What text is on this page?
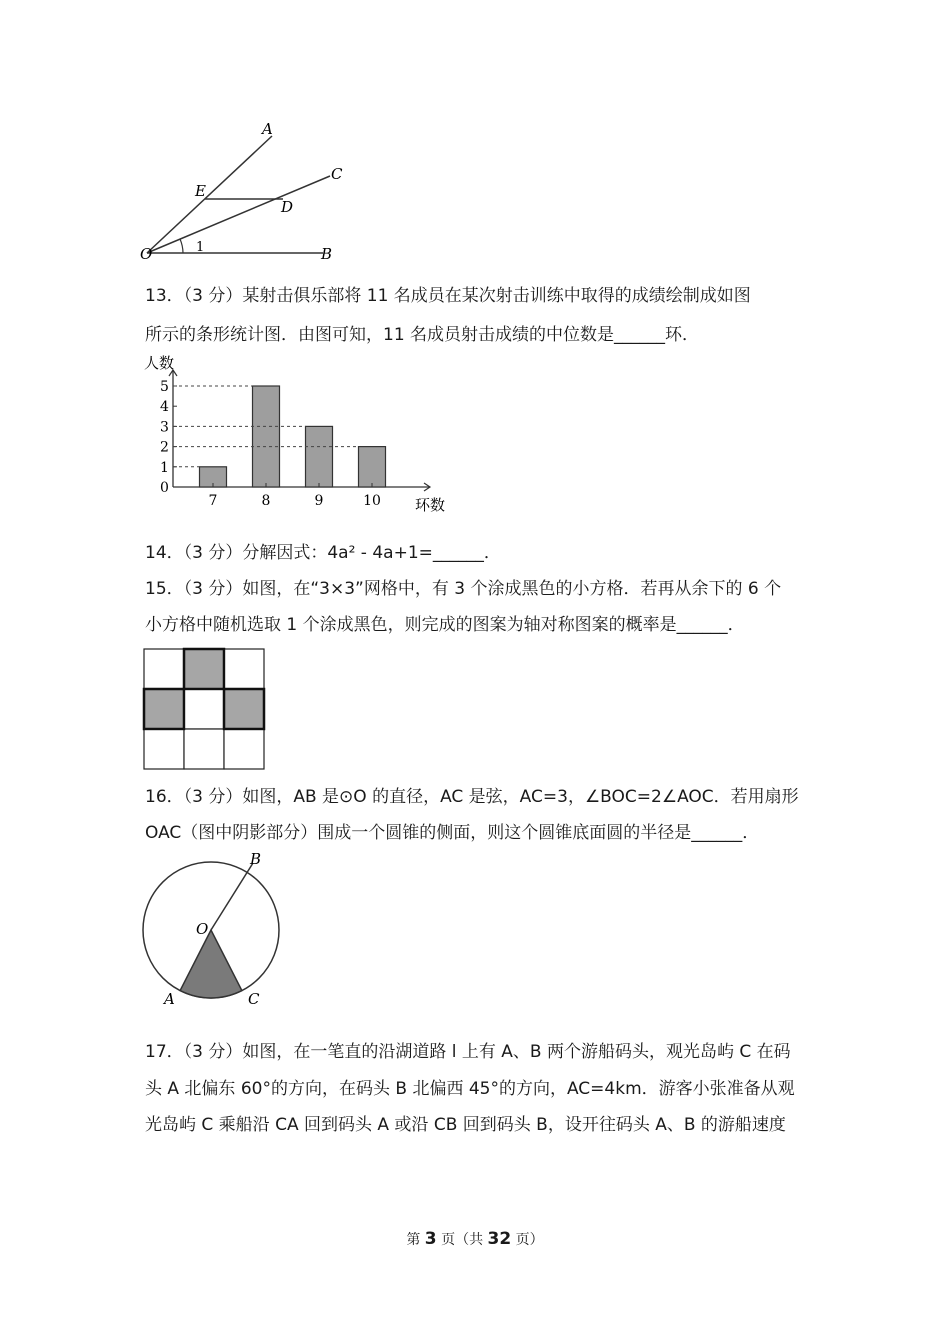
A
C
E
D
O	B
1
13．（3 分）某射击俱乐部将 11 名成员在某次射击训练中取得的成绩绘制成如图
所示的条形统计图．由图可知，11 名成员射击成绩的中位数是______环．
人数
环数
0
1
2
3
4
5
7	8	9	10
14．（3 分）分解因式：4a² - 4a+1=______．
15．（3 分）如图，在“3×3”网格中，有 3 个涂成黑色的小方格．若再从余下的 6 个
小方格中随机选取 1 个涂成黑色，则完成的图案为轴对称图案的概率是______．
16．（3 分）如图，AB 是⊙O 的直径，AC 是弦，AC=3，∠BOC=2∠AOC．若用扇形
OAC（图中阴影部分）围成一个圆锥的侧面，则这个圆锥底面圆的半径是______．
B
O
A	C
17．（3 分）如图，在一笔直的沿湖道路 l 上有 A、B 两个游船码头，观光岛屿 C 在码
头 A 北偏东 60°的方向，在码头 B 北偏西 45°的方向，AC=4km．游客小张准备从观
光岛屿 C 乘船沿 CA 回到码头 A 或沿 CB 回到码头 B，设开往码头 A、B 的游船速度
第 3 页（共 32 页）
